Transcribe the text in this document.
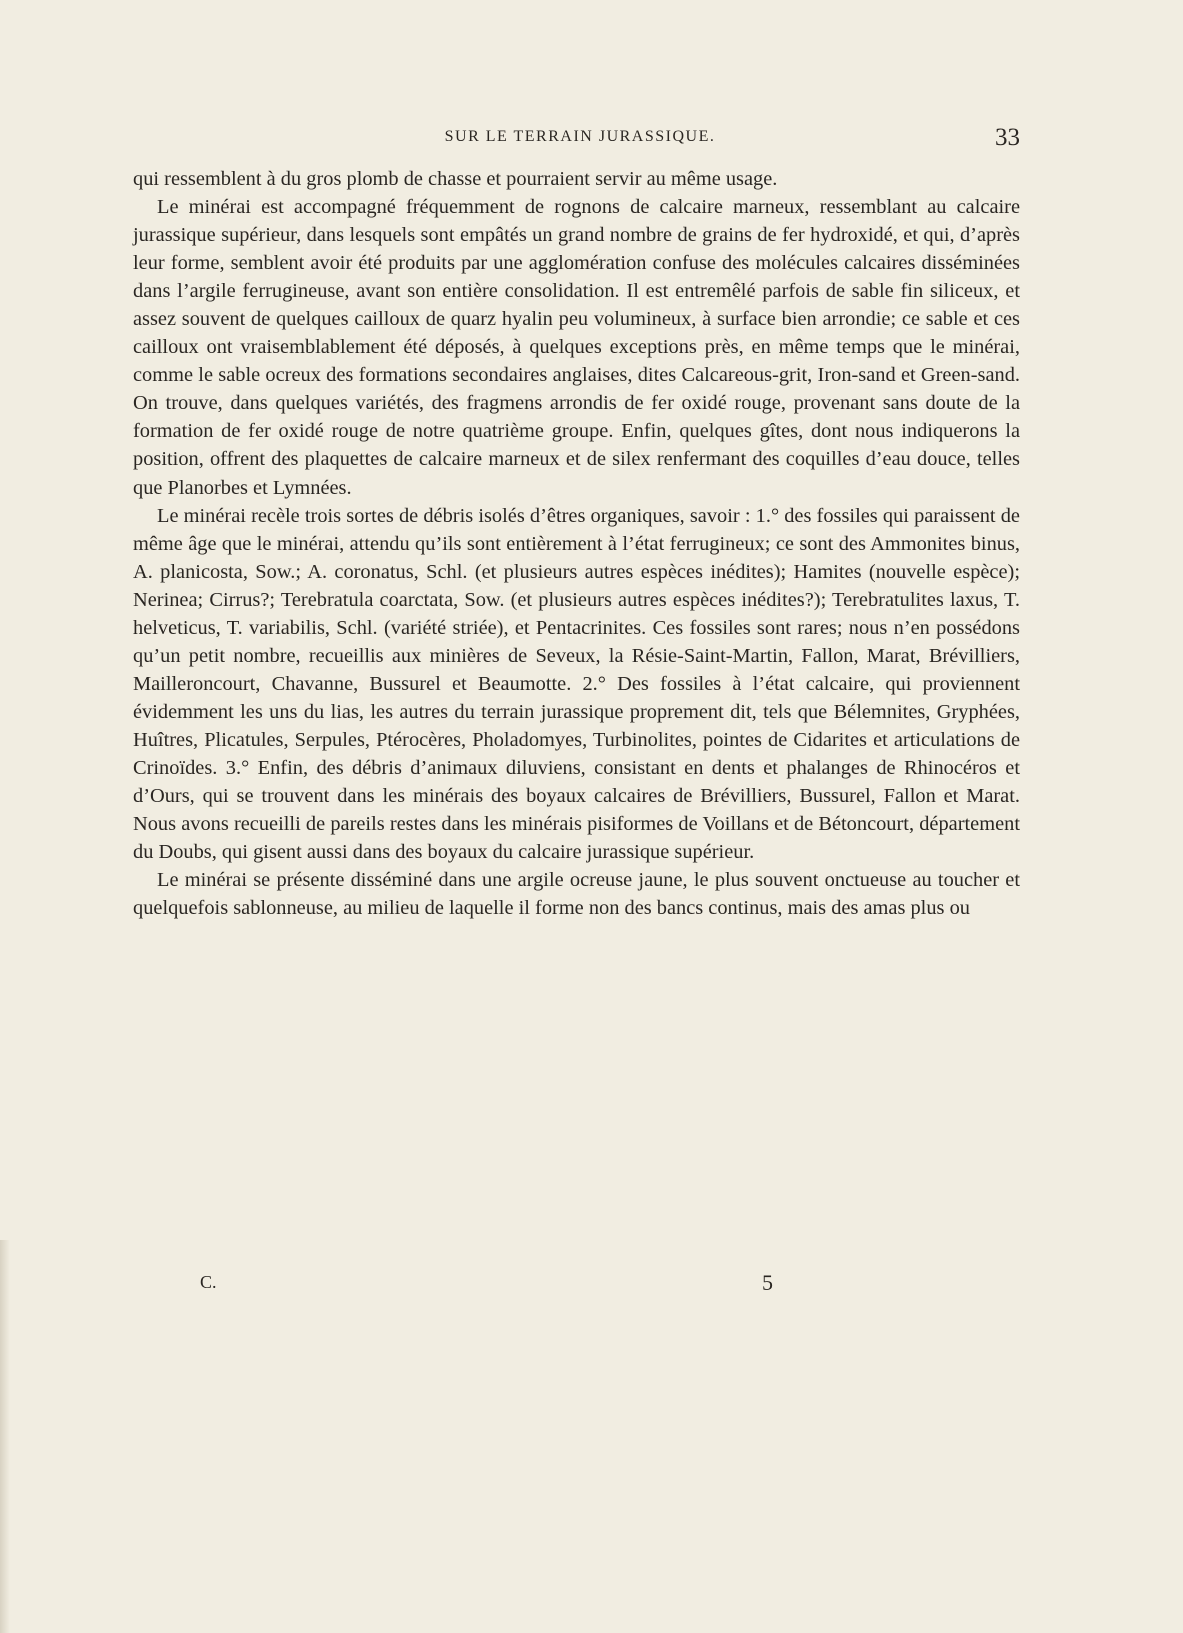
SUR LE TERRAIN JURASSIQUE.	33

qui ressemblent à du gros plomb de chasse et pourraient servir au même usage.

Le minérai est accompagné fréquemment de rognons de calcaire marneux, ressemblant au calcaire jurassique supérieur, dans lesquels sont empâtés un grand nombre de grains de fer hydroxidé, et qui, d’après leur forme, semblent avoir été produits par une agglomération confuse des molécules calcaires disséminées dans l’argile ferrugineuse, avant son entière consolidation. Il est entremêlé parfois de sable fin siliceux, et assez souvent de quelques cailloux de quarz hyalin peu volumineux, à surface bien arrondie; ce sable et ces cailloux ont vraisemblablement été déposés, à quelques exceptions près, en même temps que le minérai, comme le sable ocreux des formations secondaires anglaises, dites Calcareous-grit, Iron-sand et Green-sand. On trouve, dans quelques variétés, des fragmens arrondis de fer oxidé rouge, provenant sans doute de la formation de fer oxidé rouge de notre quatrième groupe. Enfin, quelques gîtes, dont nous indiquerons la position, offrent des plaquettes de calcaire marneux et de silex renfermant des coquilles d’eau douce, telles que Planorbes et Lymnées.

Le minérai recèle trois sortes de débris isolés d’êtres organiques, savoir : 1.° des fossiles qui paraissent de même âge que le minérai, attendu qu’ils sont entièrement à l’état ferrugineux; ce sont des Ammonites binus, A. planicosta, Sow.; A. coronatus, Schl. (et plusieurs autres espèces inédites); Hamites (nouvelle espèce); Nerinea; Cirrus?; Terebratula coarctata, Sow. (et plusieurs autres espèces inédites?); Terebratulites laxus, T. helveticus, T. variabilis, Schl. (variété striée), et Pentacrinites. Ces fossiles sont rares; nous n’en possédons qu’un petit nombre, recueillis aux minières de Seveux, la Résie-Saint-Martin, Fallon, Marat, Brévilliers, Mailleroncourt, Chavanne, Bussurel et Beaumotte. 2.° Des fossiles à l’état calcaire, qui proviennent évidemment les uns du lias, les autres du terrain jurassique proprement dit, tels que Bélemnites, Gryphées, Huîtres, Plicatules, Serpules, Ptérocères, Pholadomyes, Turbinolites, pointes de Cidarites et articulations de Crinoïdes. 3.° Enfin, des débris d’animaux diluviens, consistant en dents et phalanges de Rhinocéros et d’Ours, qui se trouvent dans les minérais des boyaux calcaires de Brévilliers, Bussurel, Fallon et Marat. Nous avons recueilli de pareils restes dans les minérais pisiformes de Voillans et de Bétoncourt, département du Doubs, qui gisent aussi dans des boyaux du calcaire jurassique supérieur.

Le minérai se présente disséminé dans une argile ocreuse jaune, le plus souvent onctueuse au toucher et quelquefois sablonneuse, au milieu de laquelle il forme non des bancs continus, mais des amas plus ou

C.	5
